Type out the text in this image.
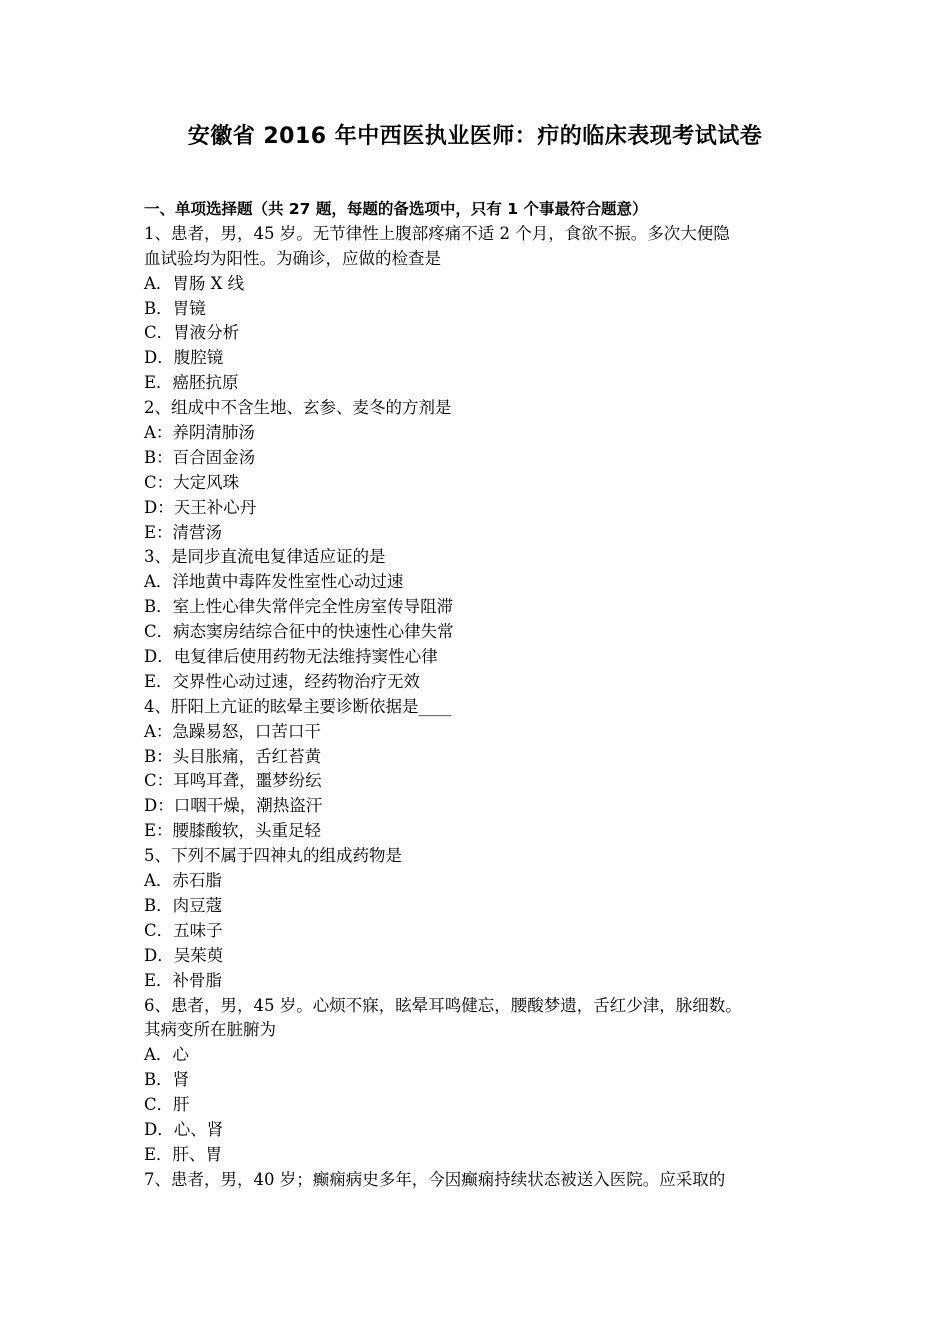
安徽省 2016 年中西医执业医师：疖的临床表现考试试卷
一、单项选择题（共 27 题，每题的备选项中，只有 1 个事最符合题意）
1、患者，男，45 岁。无节律性上腹部疼痛不适 2 个月，食欲不振。多次大便隐
血试验均为阳性。为确诊，应做的检查是
A．胃肠 X 线
B．胃镜
C．胃液分析
D．腹腔镜
E．癌胚抗原
2、组成中不含生地、玄参、麦冬的方剂是
A：养阴清肺汤
B：百合固金汤
C：大定风珠
D：天王补心丹
E：清营汤
3、是同步直流电复律适应证的是
A．洋地黄中毒阵发性室性心动过速
B．室上性心律失常伴完全性房室传导阻滞
C．病态窦房结综合征中的快速性心律失常
D．电复律后使用药物无法维持窦性心律
E．交界性心动过速，经药物治疗无效
4、肝阳上亢证的眩晕主要诊断依据是____
A：急躁易怒，口苦口干
B：头目胀痛，舌红苔黄
C：耳鸣耳聋，噩梦纷纭
D：口咽干燥，潮热盗汗
E：腰膝酸软，头重足轻
5、下列不属于四神丸的组成药物是
A．赤石脂
B．肉豆蔻
C．五味子
D．吴茱萸
E．补骨脂
6、患者，男，45 岁。心烦不寐，眩晕耳鸣健忘，腰酸梦遗，舌红少津，脉细数。
其病变所在脏腑为
A．心
B．肾
C．肝
D．心、肾
E．肝、胃
7、患者，男，40 岁；癫痫病史多年，今因癫痫持续状态被送入医院。应采取的
